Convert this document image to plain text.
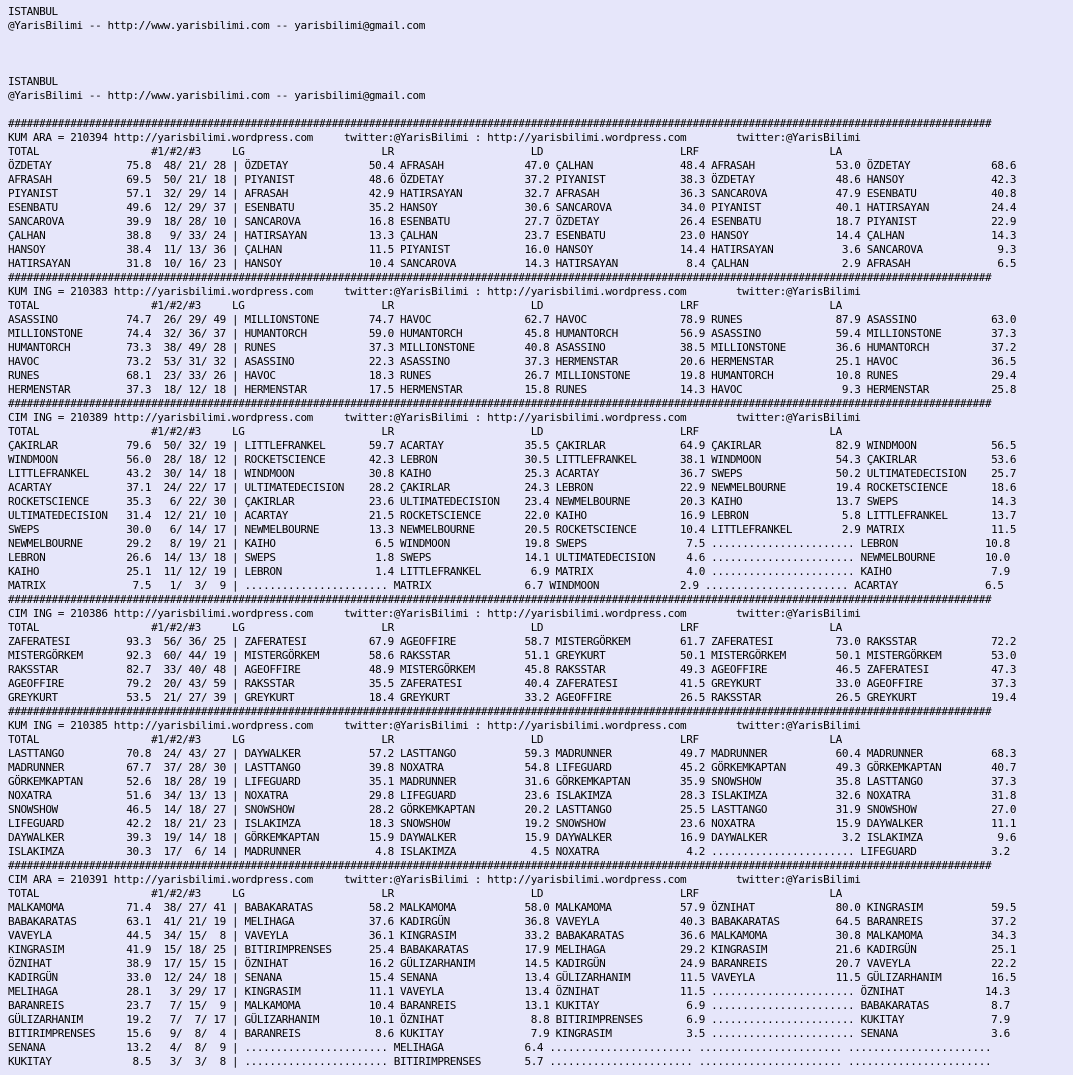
ISTANBUL
@YarisBilimi -- http://www.yarisbilimi.com -- yarisbilimi@gmail.com
ISTANBUL
@YarisBilimi -- http://www.yarisbilimi.com -- yarisbilimi@gmail.com
##############################################################################################################################################################
KUM ARA = 210394 http://yarisbilimi.wordpress.com     twitter:@YarisBilimi : http://yarisbilimi.wordpress.com        twitter:@YarisBilimi
TOTAL                  #1/#2/#3     LG                      LR                      LD                      LRF                     LA
ÖZDETAY            75.8  48/ 21/ 28 | ÖZDETAY             50.4 AFRASAH             47.0 ÇALHAN              48.4 AFRASAH             53.0 ÖZDETAY             68.6
AFRASAH            69.5  50/ 21/ 18 | PIYANIST            48.6 ÖZDETAY             37.2 PIYANIST            38.3 ÖZDETAY             48.6 HANSOY              42.3
PIYANIST           57.1  32/ 29/ 14 | AFRASAH             42.9 HATIRSAYAN          32.7 AFRASAH             36.3 SANCAROVA           47.9 ESENBATU            40.8
ESENBATU           49.6  12/ 29/ 37 | ESENBATU            35.2 HANSOY              30.6 SANCAROVA           34.0 PIYANIST            40.1 HATIRSAYAN          24.4
SANCAROVA          39.9  18/ 28/ 10 | SANCAROVA           16.8 ESENBATU            27.7 ÖZDETAY             26.4 ESENBATU            18.7 PIYANIST            22.9
ÇALHAN             38.8   9/ 33/ 24 | HATIRSAYAN          13.3 ÇALHAN              23.7 ESENBATU            23.0 HANSOY              14.4 ÇALHAN              14.3
HANSOY             38.4  11/ 13/ 36 | ÇALHAN              11.5 PIYANIST            16.0 HANSOY              14.4 HATIRSAYAN           3.6 SANCAROVA            9.3
HATIRSAYAN         31.8  10/ 16/ 23 | HANSOY              10.4 SANCAROVA           14.3 HATIRSAYAN           8.4 ÇALHAN               2.9 AFRASAH              6.5
##############################################################################################################################################################
KUM ING = 210383 http://yarisbilimi.wordpress.com     twitter:@YarisBilimi : http://yarisbilimi.wordpress.com        twitter:@YarisBilimi
TOTAL                  #1/#2/#3     LG                      LR                      LD                      LRF                     LA
ASASSINO           74.7  26/ 29/ 49 | MILLIONSTONE        74.7 HAVOC               62.7 HAVOC               78.9 RUNES               87.9 ASASSINO            63.0
MILLIONSTONE       74.4  32/ 36/ 37 | HUMANTORCH          59.0 HUMANTORCH          45.8 HUMANTORCH          56.9 ASASSINO            59.4 MILLIONSTONE        37.3
HUMANTORCH         73.3  38/ 49/ 28 | RUNES               37.3 MILLIONSTONE        40.8 ASASSINO            38.5 MILLIONSTONE        36.6 HUMANTORCH          37.2
HAVOC              73.2  53/ 31/ 32 | ASASSINO            22.3 ASASSINO            37.3 HERMENSTAR          20.6 HERMENSTAR          25.1 HAVOC               36.5
RUNES              68.1  23/ 33/ 26 | HAVOC               18.3 RUNES               26.7 MILLIONSTONE        19.8 HUMANTORCH          10.8 RUNES               29.4
HERMENSTAR         37.3  18/ 12/ 18 | HERMENSTAR          17.5 HERMENSTAR          15.8 RUNES               14.3 HAVOC                9.3 HERMENSTAR          25.8
##############################################################################################################################################################
CIM ING = 210389 http://yarisbilimi.wordpress.com     twitter:@YarisBilimi : http://yarisbilimi.wordpress.com        twitter:@YarisBilimi
TOTAL                  #1/#2/#3     LG                      LR                      LD                      LRF                     LA
ÇAKIRLAR           79.6  50/ 32/ 19 | LITTLEFRANKEL       59.7 ACARTAY             35.5 ÇAKIRLAR            64.9 ÇAKIRLAR            82.9 WINDMOON            56.5
WINDMOON           56.0  28/ 18/ 12 | ROCKETSCIENCE       42.3 LEBRON              30.5 LITTLEFRANKEL       38.1 WINDMOON            54.3 ÇAKIRLAR            53.6
LITTLEFRANKEL      43.2  30/ 14/ 18 | WINDMOON            30.8 KAIHO               25.3 ACARTAY             36.7 SWEPS               50.2 ULTIMATEDECISION    25.7
ACARTAY            37.1  24/ 22/ 17 | ULTIMATEDECISION    28.2 ÇAKIRLAR            24.3 LEBRON              22.9 NEWMELBOURNE        19.4 ROCKETSCIENCE       18.6
ROCKETSCIENCE      35.3   6/ 22/ 30 | ÇAKIRLAR            23.6 ULTIMATEDECISION    23.4 NEWMELBOURNE        20.3 KAIHO               13.7 SWEPS               14.3
ULTIMATEDECISION   31.4  12/ 21/ 10 | ACARTAY             21.5 ROCKETSCIENCE       22.0 KAIHO               16.9 LEBRON               5.8 LITTLEFRANKEL       13.7
SWEPS              30.0   6/ 14/ 17 | NEWMELBOURNE        13.3 NEWMELBOURNE        20.5 ROCKETSCIENCE       10.4 LITTLEFRANKEL        2.9 MATRIX              11.5
NEWMELBOURNE       29.2   8/ 19/ 21 | KAIHO                6.5 WINDMOON            19.8 SWEPS                7.5 ....................... LEBRON              10.8
LEBRON             26.6  14/ 13/ 18 | SWEPS                1.8 SWEPS               14.1 ULTIMATEDECISION     4.6 ....................... NEWMELBOURNE        10.0
KAIHO              25.1  11/ 12/ 19 | LEBRON               1.4 LITTLEFRANKEL        6.9 MATRIX               4.0 ....................... KAIHO                7.9
MATRIX              7.5   1/  3/  9 | ....................... MATRIX               6.7 WINDMOON             2.9 ....................... ACARTAY              6.5
##############################################################################################################################################################
CIM ING = 210386 http://yarisbilimi.wordpress.com     twitter:@YarisBilimi : http://yarisbilimi.wordpress.com        twitter:@YarisBilimi
TOTAL                  #1/#2/#3     LG                      LR                      LD                      LRF                     LA
ZAFERATESI         93.3  56/ 36/ 25 | ZAFERATESI          67.9 AGEOFFIRE           58.7 MISTERGÖRKEM        61.7 ZAFERATESI          73.0 RAKSSTAR            72.2
MISTERGÖRKEM       92.3  60/ 44/ 19 | MISTERGÖRKEM        58.6 RAKSSTAR            51.1 GREYKURT            50.1 MISTERGÖRKEM        50.1 MISTERGÖRKEM        53.0
RAKSSTAR           82.7  33/ 40/ 48 | AGEOFFIRE           48.9 MISTERGÖRKEM        45.8 RAKSSTAR            49.3 AGEOFFIRE           46.5 ZAFERATESI          47.3
AGEOFFIRE          79.2  20/ 43/ 59 | RAKSSTAR            35.5 ZAFERATESI          40.4 ZAFERATESI          41.5 GREYKURT            33.0 AGEOFFIRE           37.3
GREYKURT           53.5  21/ 27/ 39 | GREYKURT            18.4 GREYKURT            33.2 AGEOFFIRE           26.5 RAKSSTAR            26.5 GREYKURT            19.4
##############################################################################################################################################################
KUM ING = 210385 http://yarisbilimi.wordpress.com     twitter:@YarisBilimi : http://yarisbilimi.wordpress.com        twitter:@YarisBilimi
TOTAL                  #1/#2/#3     LG                      LR                      LD                      LRF                     LA
LASTTANGO          70.8  24/ 43/ 27 | DAYWALKER           57.2 LASTTANGO           59.3 MADRUNNER           49.7 MADRUNNER           60.4 MADRUNNER           68.3
MADRUNNER          67.7  37/ 28/ 30 | LASTTANGO           39.8 NOXATRA             54.8 LIFEGUARD           45.2 GÖRKEMKAPTAN        49.3 GÖRKEMKAPTAN        40.7
GÖRKEMKAPTAN       52.6  18/ 28/ 19 | LIFEGUARD           35.1 MADRUNNER           31.6 GÖRKEMKAPTAN        35.9 SNOWSHOW            35.8 LASTTANGO           37.3
NOXATRA            51.6  34/ 13/ 13 | NOXATRA             29.8 LIFEGUARD           23.6 ISLAKIMZA           28.3 ISLAKIMZA           32.6 NOXATRA             31.8
SNOWSHOW           46.5  14/ 18/ 27 | SNOWSHOW            28.2 GÖRKEMKAPTAN        20.2 LASTTANGO           25.5 LASTTANGO           31.9 SNOWSHOW            27.0
LIFEGUARD          42.2  18/ 21/ 23 | ISLAKIMZA           18.3 SNOWSHOW            19.2 SNOWSHOW            23.6 NOXATRA             15.9 DAYWALKER           11.1
DAYWALKER          39.3  19/ 14/ 18 | GÖRKEMKAPTAN        15.9 DAYWALKER           15.9 DAYWALKER           16.9 DAYWALKER            3.2 ISLAKIMZA            9.6
ISLAKIMZA          30.3  17/  6/ 14 | MADRUNNER            4.8 ISLAKIMZA            4.5 NOXATRA              4.2 ....................... LIFEGUARD            3.2
##############################################################################################################################################################
CIM ARA = 210391 http://yarisbilimi.wordpress.com     twitter:@YarisBilimi : http://yarisbilimi.wordpress.com        twitter:@YarisBilimi
TOTAL                  #1/#2/#3     LG                      LR                      LD                      LRF                     LA
MALKAMOMA          71.4  38/ 27/ 41 | BABAKARATAS         58.2 MALKAMOMA           58.0 MALKAMOMA           57.9 ÖZNIHAT             80.0 KINGRASIM           59.5
BABAKARATAS        63.1  41/ 21/ 19 | MELIHAGA            37.6 KADIRGÜN            36.8 VAVEYLA             40.3 BABAKARATAS         64.5 BARANREIS           37.2
VAVEYLA            44.5  34/ 15/  8 | VAVEYLA             36.1 KINGRASIM           33.2 BABAKARATAS         36.6 MALKAMOMA           30.8 MALKAMOMA           34.3
KINGRASIM          41.9  15/ 18/ 25 | BITIRIMPRENSES      25.4 BABAKARATAS         17.9 MELIHAGA            29.2 KINGRASIM           21.6 KADIRGÜN            25.1
ÖZNIHAT            38.9  17/ 15/ 15 | ÖZNIHAT             16.2 GÜLIZARHANIM        14.5 KADIRGÜN            24.9 BARANREIS           20.7 VAVEYLA             22.2
KADIRGÜN           33.0  12/ 24/ 18 | SENANA              15.4 SENANA              13.4 GÜLIZARHANIM        11.5 VAVEYLA             11.5 GÜLIZARHANIM        16.5
MELIHAGA           28.1   3/ 29/ 17 | KINGRASIM           11.1 VAVEYLA             13.4 ÖZNIHAT             11.5 ....................... ÖZNIHAT             14.3
BARANREIS          23.7   7/ 15/  9 | MALKAMOMA           10.4 BARANREIS           13.1 KUKITAY              6.9 ....................... BABAKARATAS          8.7
GÜLIZARHANIM       19.2   7/  7/ 17 | GÜLIZARHANIM        10.1 ÖZNIHAT              8.8 BITIRIMPRENSES       6.9 ....................... KUKITAY              7.9
BITIRIMPRENSES     15.6   9/  8/  4 | BARANREIS            8.6 KUKITAY              7.9 KINGRASIM            3.5 ....................... SENANA               3.6
SENANA             13.2   4/  8/  9 | ....................... MELIHAGA             6.4 ....................... ....................... .......................
KUKITAY             8.5   3/  3/  8 | ....................... BITIRIMPRENSES       5.7 ....................... ....................... .......................
